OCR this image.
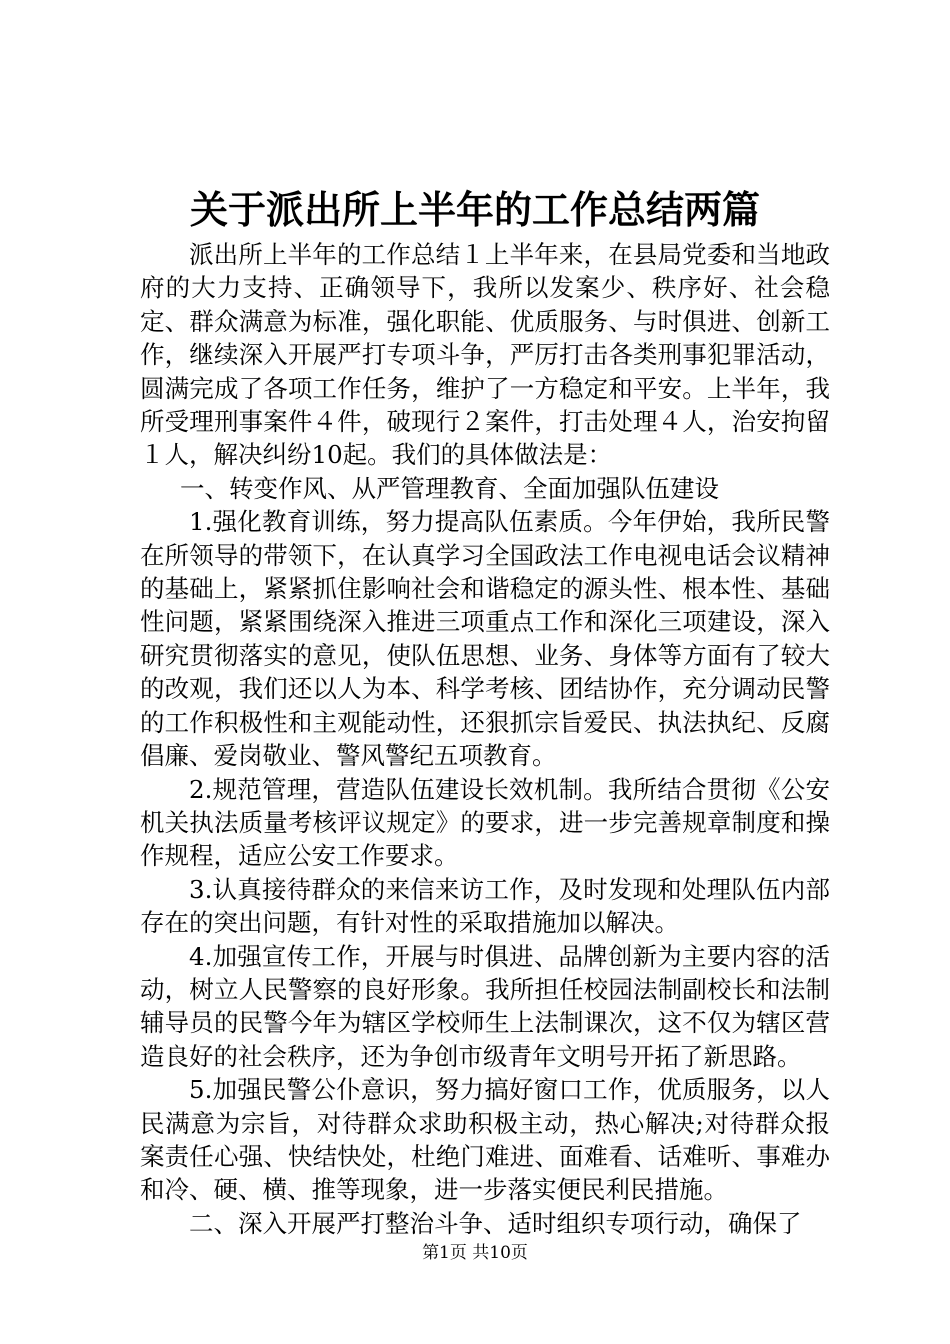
关于派出所上半年的工作总结两篇

派出所上半年的工作总结１上半年来，在县局党委和当地政府的大力支持、正确领导下，我所以发案少、秩序好、社会稳定、群众满意为标准，强化职能、优质服务、与时俱进、创新工作，继续深入开展严打专项斗争，严厉打击各类刑事犯罪活动，圆满完成了各项工作任务，维护了一方稳定和平安。上半年，我所受理刑事案件４件，破现行２案件，打击处理４人，治安拘留１人，解决纠纷10起。我们的具体做法是：

一、转变作风、从严管理教育、全面加强队伍建设

1.强化教育训练，努力提高队伍素质。今年伊始，我所民警在所领导的带领下，在认真学习全国政法工作电视电话会议精神的基础上，紧紧抓住影响社会和谐稳定的源头性、根本性、基础性问题，紧紧围绕深入推进三项重点工作和深化三项建设，深入研究贯彻落实的意见，使队伍思想、业务、身体等方面有了较大的改观，我们还以人为本、科学考核、团结协作，充分调动民警的工作积极性和主观能动性，还狠抓宗旨爱民、执法执纪、反腐倡廉、爱岗敬业、警风警纪五项教育。

2.规范管理，营造队伍建设长效机制。我所结合贯彻《公安机关执法质量考核评议规定》的要求，进一步完善规章制度和操作规程，适应公安工作要求。

3.认真接待群众的来信来访工作，及时发现和处理队伍内部存在的突出问题，有针对性的采取措施加以解决。

4.加强宣传工作，开展与时俱进、品牌创新为主要内容的活动，树立人民警察的良好形象。我所担任校园法制副校长和法制辅导员的民警今年为辖区学校师生上法制课次，这不仅为辖区营造良好的社会秩序，还为争创市级青年文明号开拓了新思路。

5.加强民警公仆意识，努力搞好窗口工作，优质服务，以人民满意为宗旨，对待群众求助积极主动，热心解决;对待群众报案责任心强、快结快处，杜绝门难进、面难看、话难听、事难办和冷、硬、横、推等现象，进一步落实便民利民措施。

二、深入开展严打整治斗争、适时组织专项行动，确保了

第1页 共10页
